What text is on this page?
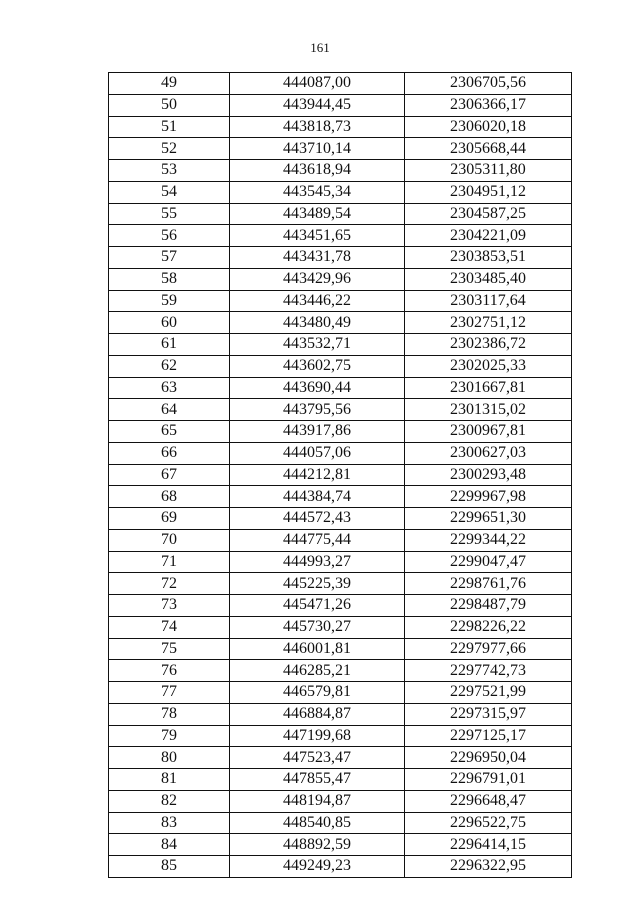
161
49	444087,00	2306705,56
50	443944,45	2306366,17
51	443818,73	2306020,18
52	443710,14	2305668,44
53	443618,94	2305311,80
54	443545,34	2304951,12
55	443489,54	2304587,25
56	443451,65	2304221,09
57	443431,78	2303853,51
58	443429,96	2303485,40
59	443446,22	2303117,64
60	443480,49	2302751,12
61	443532,71	2302386,72
62	443602,75	2302025,33
63	443690,44	2301667,81
64	443795,56	2301315,02
65	443917,86	2300967,81
66	444057,06	2300627,03
67	444212,81	2300293,48
68	444384,74	2299967,98
69	444572,43	2299651,30
70	444775,44	2299344,22
71	444993,27	2299047,47
72	445225,39	2298761,76
73	445471,26	2298487,79
74	445730,27	2298226,22
75	446001,81	2297977,66
76	446285,21	2297742,73
77	446579,81	2297521,99
78	446884,87	2297315,97
79	447199,68	2297125,17
80	447523,47	2296950,04
81	447855,47	2296791,01
82	448194,87	2296648,47
83	448540,85	2296522,75
84	448892,59	2296414,15
85	449249,23	2296322,95
